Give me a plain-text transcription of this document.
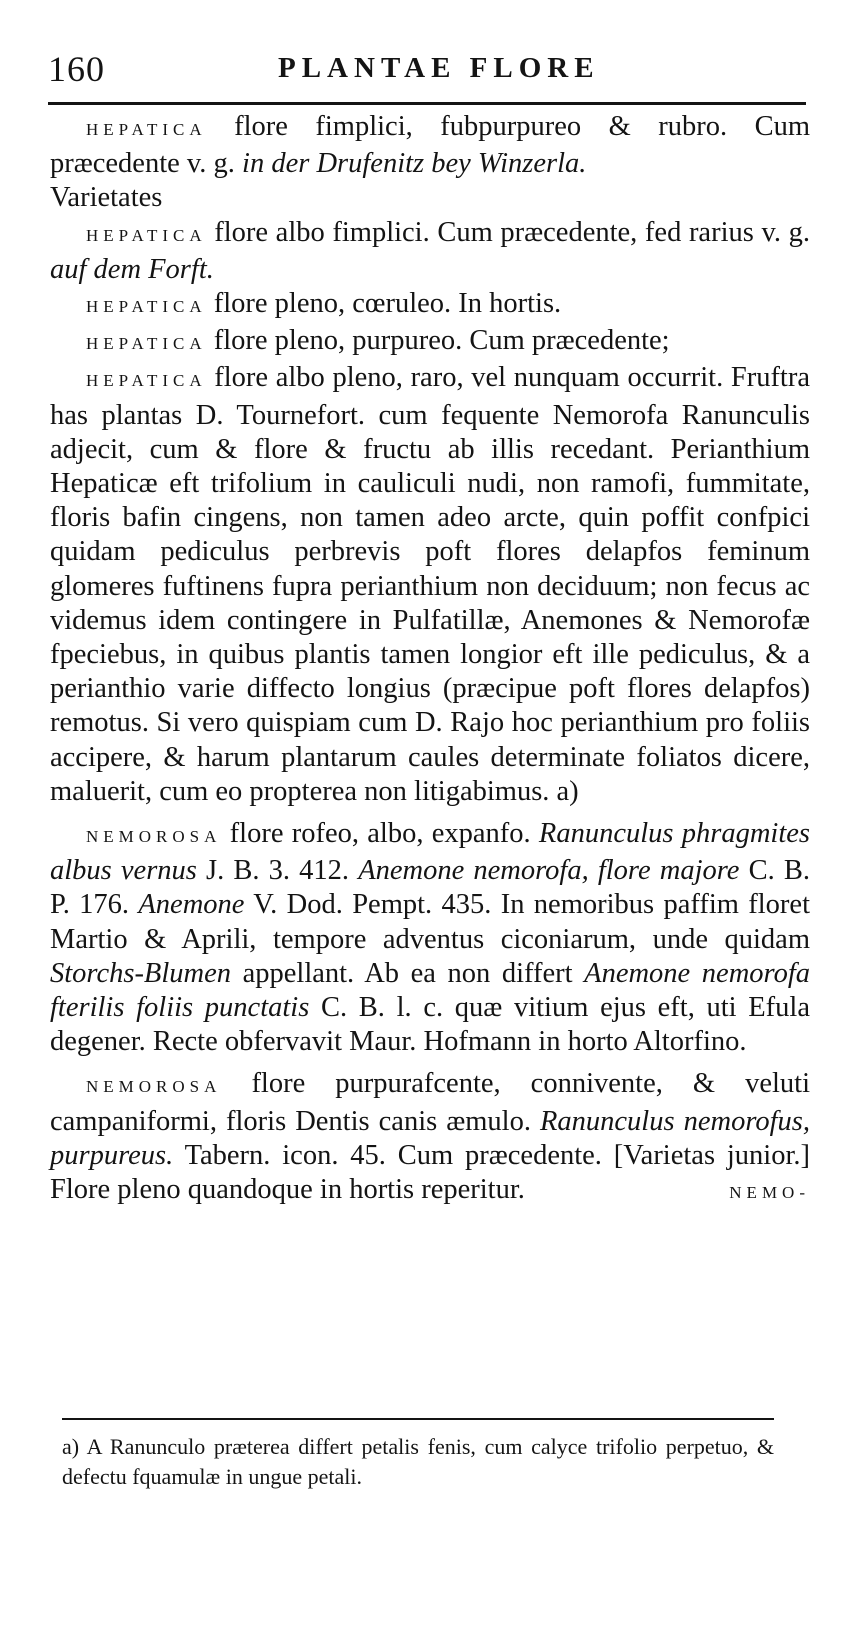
160	PLANTAE FLORE

HEPATICA flore fimplici, fubpurpureo & rubro. Cum præcedente v. g. in der Drufenitz bey Winzerla.

Varietates

HEPATICA flore albo fimplici. Cum præcedente, fed rarius v. g. auf dem Forft.

HEPATICA flore pleno, cœruleo. In hortis.

HEPATICA flore pleno, purpureo. Cum præcedente;

HEPATICA flore albo pleno, raro, vel nunquam occurrit. Fruftra has plantas D. Tournefort. cum fequente Nemorofa Ranunculis adjecit, cum & flore & fructu ab illis recedant. Perianthium Hepaticæ eft trifolium in cauliculi nudi, non ramofi, fummitate, floris bafin cingens, non tamen adeo arcte, quin poffit confpici quidam pediculus perbrevis poft flores delapfos feminum glomeres fuftinens fupra perianthium non deciduum; non fecus ac videmus idem contingere in Pulfatillæ, Anemones & Nemorofæ fpeciebus, in quibus plantis tamen longior eft ille pediculus, & a perianthio varie diffecto longius (præcipue poft flores delapfos) remotus. Si vero quispiam cum D. Rajo hoc perianthium pro foliis accipere, & harum plantarum caules determinate foliatos dicere, maluerit, cum eo propterea non litigabimus. a)

NEMOROSA flore rofeo, albo, expanfo. Ranunculus phragmites albus vernus J. B. 3. 412. Anemone nemorofa, flore majore C. B. P. 176. Anemone V. Dod. Pempt. 435. In nemoribus paffim floret Martio & Aprili, tempore adventus ciconiarum, unde quidam Storchs-Blumen appellant. Ab ea non differt Anemone nemorofa fterilis foliis punctatis C. B. l. c. quæ vitium ejus eft, uti Efula degener. Recte obfervavit Maur. Hofmann in horto Altorfino.

NEMOROSA flore purpurafcente, connivente, & veluti campaniformi, floris Dentis canis æmulo. Ranunculus nemorofus, purpureus. Tabern. icon. 45. Cum præcedente. [Varietas junior.] Flore pleno quandoque in hortis reperitur.	NEMO-

a) A Ranunculo præterea differt petalis fenis, cum calyce trifolio perpetuo, & defectu fquamulæ in ungue petali.
